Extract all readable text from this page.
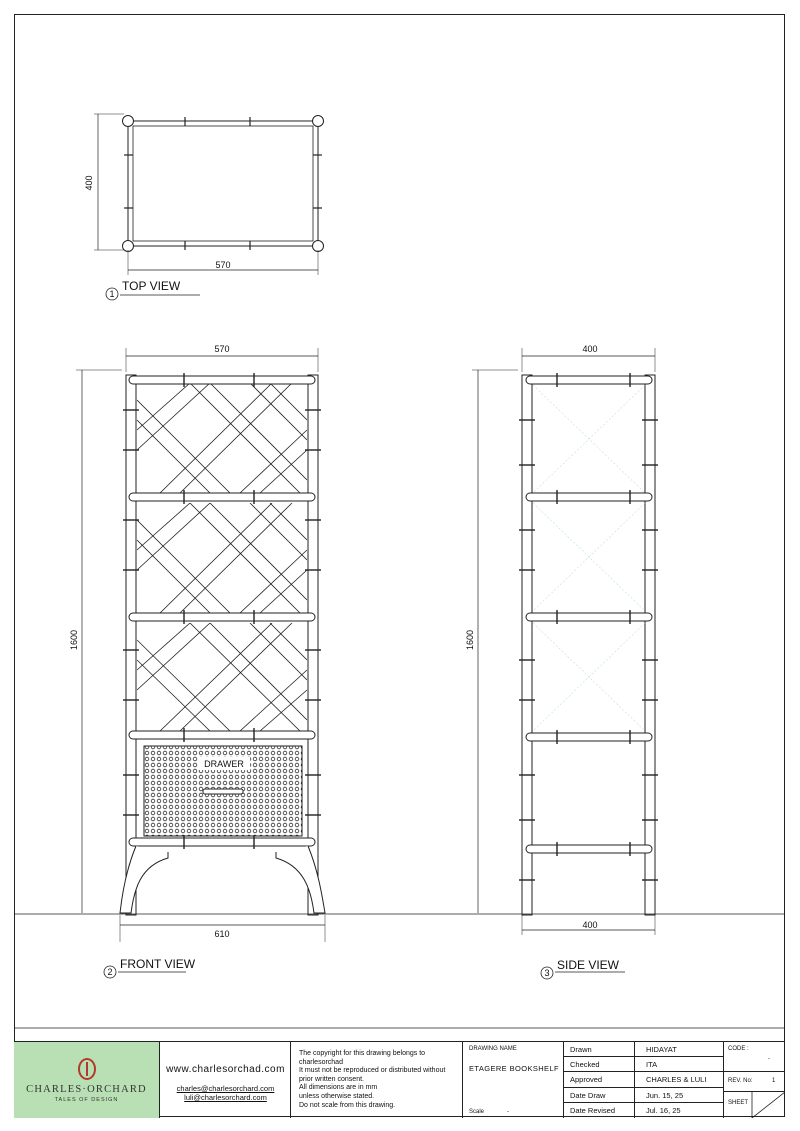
400
570
1
TOP VIEW
570
1600
610
DRAWER
2
FRONT VIEW
400
1600
400
3
SIDE VIEW
CHARLES·ORCHARD
TALES OF DESIGN
www.charlesorchad.com
charles@charlesorchard.com
luli@charlesorchard.com
The copyright for this drawing belongs to
charlesorchad
It must not be reproduced or distributed without
prior written consent.
All dimensions are in mm
unless otherwise stated.
Do not scale from this drawing.
DRAWING NAME
ETAGERE BOOKSHELF
Scale	-
Drawn	HIDAYAT
Checked	ITA
Approved	CHARLES & LULI
Date Draw	Jun. 15, 25
Date Revised	Jul. 16, 25
CODE :
-
REV. No:	1
SHEET
